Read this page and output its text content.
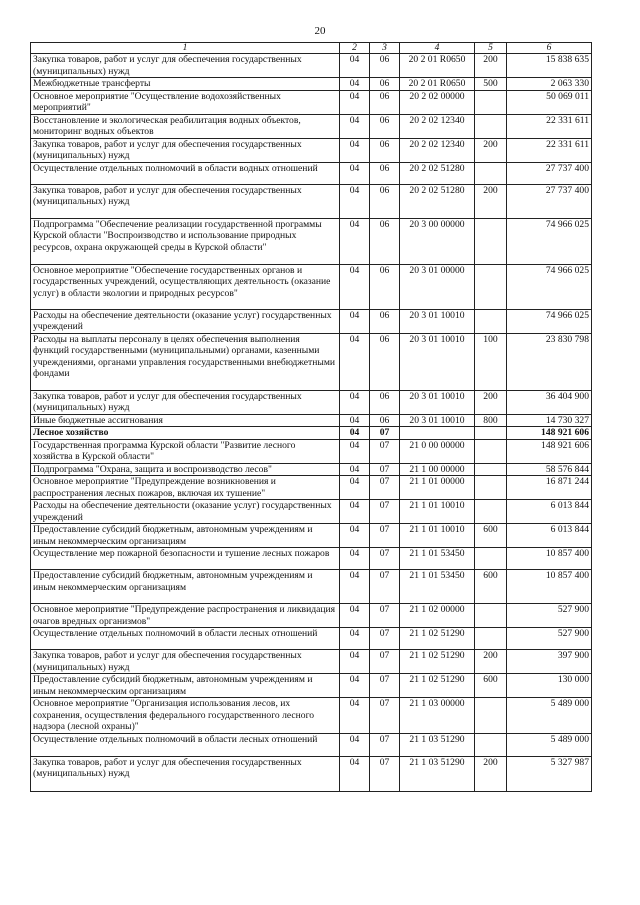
20
1	2	3	4	5	6
Закупка товаров, работ и услуг для обеспечения государственных (муниципальных) нужд	04	06	20 2 01 R0650	200	15 838 635
Межбюджетные трансферты	04	06	20 2 01 R0650	500	2 063 330
Основное мероприятие "Осуществление водохозяйственных мероприятий"	04	06	20 2 02 00000		50 069 011
Восстановление и экологическая реабилитация водных объектов, мониторинг водных объектов	04	06	20 2 02 12340		22 331 611
Закупка товаров, работ и услуг для обеспечения государственных (муниципальных) нужд	04	06	20 2 02 12340	200	22 331 611
Осуществление отдельных полномочий в области водных отношений	04	06	20 2 02 51280		27 737 400
Закупка товаров, работ и услуг для обеспечения государственных (муниципальных) нужд	04	06	20 2 02 51280	200	27 737 400
Подпрограмма "Обеспечение реализации государственной программы Курской области "Воспроизводство и использование природных ресурсов, охрана окружающей среды в Курской области"	04	06	20 3 00 00000		74 966 025
Основное мероприятие "Обеспечение государственных органов и государственных учреждений, осуществляющих деятельность (оказание услуг) в области экологии и природных ресурсов"	04	06	20 3 01 00000		74 966 025
Расходы на обеспечение деятельности (оказание услуг) государственных учреждений	04	06	20 3 01 10010		74 966 025
Расходы на выплаты персоналу в целях обеспечения выполнения функций государственными (муниципальными) органами, казенными учреждениями, органами управления государственными внебюджетными фондами	04	06	20 3 01 10010	100	23 830 798
Закупка товаров, работ и услуг для обеспечения государственных (муниципальных) нужд	04	06	20 3 01 10010	200	36 404 900
Иные бюджетные ассигнования	04	06	20 3 01 10010	800	14 730 327
Лесное хозяйство	04	07			148 921 606
Государственная программа Курской области "Развитие лесного хозяйства в Курской области"	04	07	21 0 00 00000		148 921 606
Подпрограмма "Охрана, защита и воспроизводство лесов"	04	07	21 1 00 00000		58 576 844
Основное мероприятие "Предупреждение возникновения и распространения лесных пожаров, включая их тушение"	04	07	21 1 01 00000		16 871 244
Расходы на обеспечение деятельности (оказание услуг) государственных учреждений	04	07	21 1 01 10010		6 013 844
Предоставление субсидий бюджетным, автономным учреждениям и иным некоммерческим организациям	04	07	21 1 01 10010	600	6 013 844
Осуществление мер пожарной безопасности и тушение лесных пожаров	04	07	21 1 01 53450		10 857 400
Предоставление субсидий бюджетным, автономным учреждениям и иным некоммерческим организациям	04	07	21 1 01 53450	600	10 857 400
Основное мероприятие "Предупреждение распространения и ликвидация очагов вредных организмов"	04	07	21 1 02 00000		527 900
Осуществление отдельных полномочий в области лесных отношений	04	07	21 1 02 51290		527 900
Закупка товаров, работ и услуг для обеспечения государственных (муниципальных) нужд	04	07	21 1 02 51290	200	397 900
Предоставление субсидий бюджетным, автономным учреждениям и иным некоммерческим организациям	04	07	21 1 02 51290	600	130 000
Основное мероприятие "Организация использования лесов, их сохранения, осуществления федерального государственного лесного надзора (лесной охраны)"	04	07	21 1 03 00000		5 489 000
Осуществление отдельных полномочий в области лесных отношений	04	07	21 1 03 51290		5 489 000
Закупка товаров, работ и услуг для обеспечения государственных (муниципальных) нужд	04	07	21 1 03 51290	200	5 327 987
